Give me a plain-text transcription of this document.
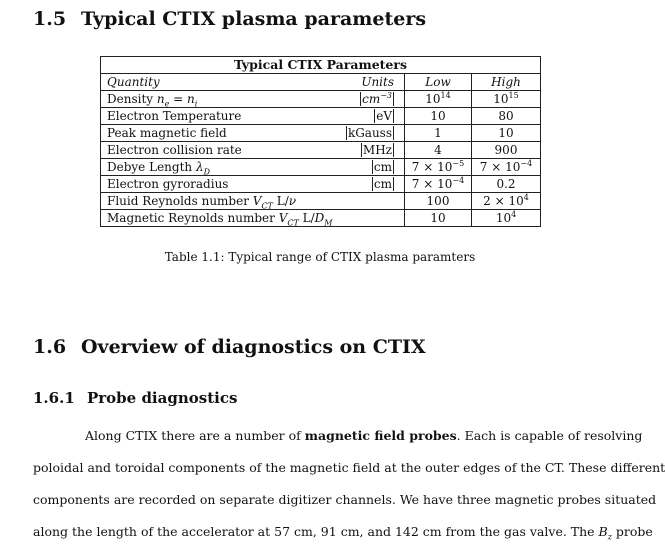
1.5 Typical CTIX plasma parameters
Typical CTIX Parameters			
Quantity	Units	Low	High
Density $n_e = n_i$	$cm^{-3}$	$10^{14}$	$10^{15}$
Electron Temperature	eV	10	80
Peak magnetic field	kGauss	1	10
Electron collision rate	MHz	4	900
Debye Length $\lambda_D$	cm	$7 \times 10^{-5}$	$7 \times 10^{-4}$
Electron gyroradius	cm	$7 \times 10^{-4}$	0.2
Fluid Reynolds number $V_{CT}$ L/ν		100	$2 \times 10^4$
Magnetic Reynolds number $V_{CT}$ $L/D_M$		10	$10^4$
Table 1.1: Typical range of CTIX plasma paramters
1.6 Overview of diagnostics on CTIX
1.6.1 Probe diagnostics

Along CTIX there are a number of magnetic field probes. Each is capable of resolving
poloidal and toroidal components of the magnetic field at the outer edges of the CT. These different
components are recorded on separate digitizer channels. We have three magnetic probes situated
along the length of the accelerator at 57 cm, 91 cm, and 142 cm from the gas valve. The $B_z$ probe
